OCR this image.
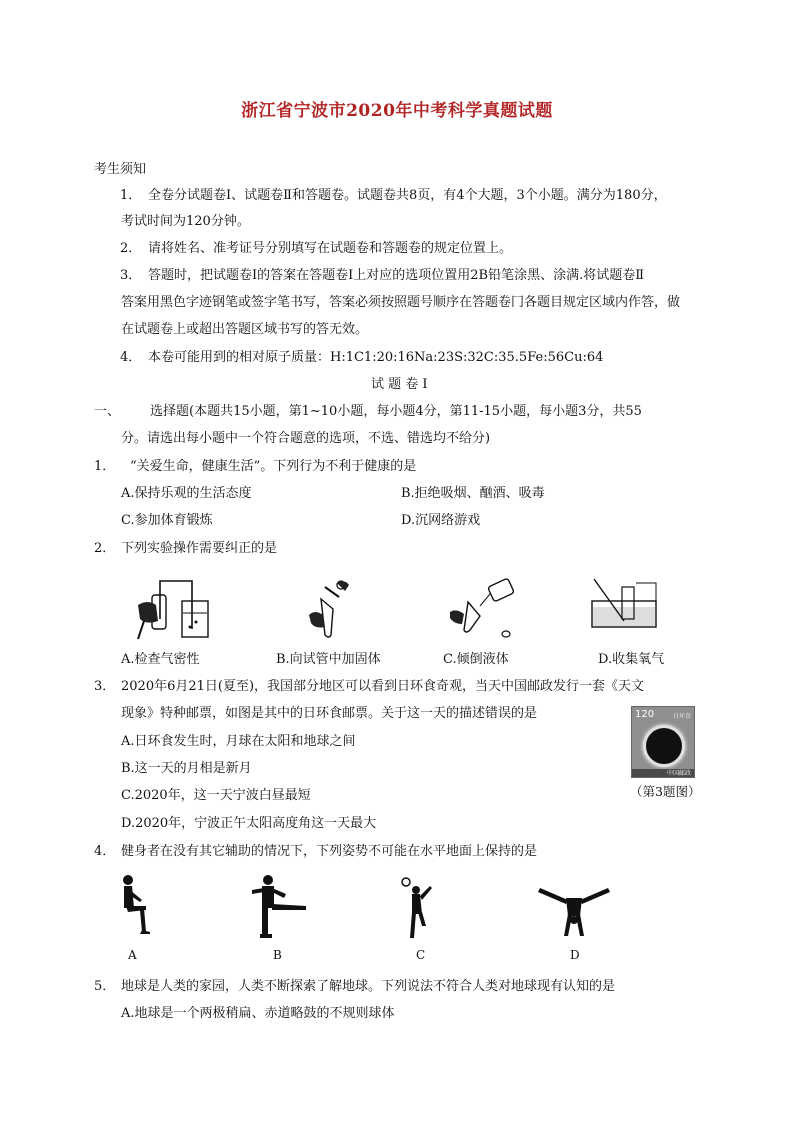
浙江省宁波市2020年中考科学真题试题
考生须知
1． 全卷分试题卷Ⅰ、试题卷Ⅱ和答题卷。试题卷共8页，有4个大题，3个小题。满分为180分，
考试时间为120分钟。
2． 请将姓名、准考证号分别填写在试题卷和答题卷的规定位置上。
3． 答题时，把试题卷Ⅰ的答案在答题卷Ⅰ上对应的选项位置用2B铅笔涂黑、涂满.将试题卷Ⅱ
答案用黑色字迹钢笔或签字笔书写，答案必须按照题号顺序在答题卷冂各题目规定区域内作答，做
在试题卷上或超出答题区域书写的答无效。
4． 本卷可能用到的相对原子质量：H:1C1:20:16Na:23S:32C:35.5Fe:56Cu:64
试 题 卷 Ⅰ
一、 选择题(本题共15小题，第1~10小题，每小题4分，第11-15小题，每小题3分，共55
分。请选出每小题中一个符合题意的选项，不选、错选均不给分)
1．	“关爱生命，健康生活”。下列行为不利于健康的是
A.保持乐观的生活态度	B.拒绝吸烟、酗酒、吸毒
C.参加体育锻炼	D.沉网络游戏
2． 下列实验操作需要纠正的是
A.检查气密性	B.向试管中加固体	C.倾倒液体	D.收集氧气
3． 2020年6月21日(夏至)，我国部分地区可以看到日环食奇观，当天中国邮政发行一套《天文
现象》特种邮票，如图是其中的日环食邮票。关于这一天的描述错误的是
A.日环食发生时，月球在太阳和地球之间
B.这一天的月相是新月
C.2020年，这一天宁波白昼最短
D.2020年，宁波正午太阳高度角这一天最大
120	日环食
中国邮政
（第3题图）
4． 健身者在没有其它辅助的情况下，下列姿势不可能在水平地面上保持的是
A	B	C	D
5． 地球是人类的家园，人类不断探索了解地球。下列说法不符合人类对地球现有认知的是
A.地球是一个两极稍扁、赤道略鼓的不规则球体
